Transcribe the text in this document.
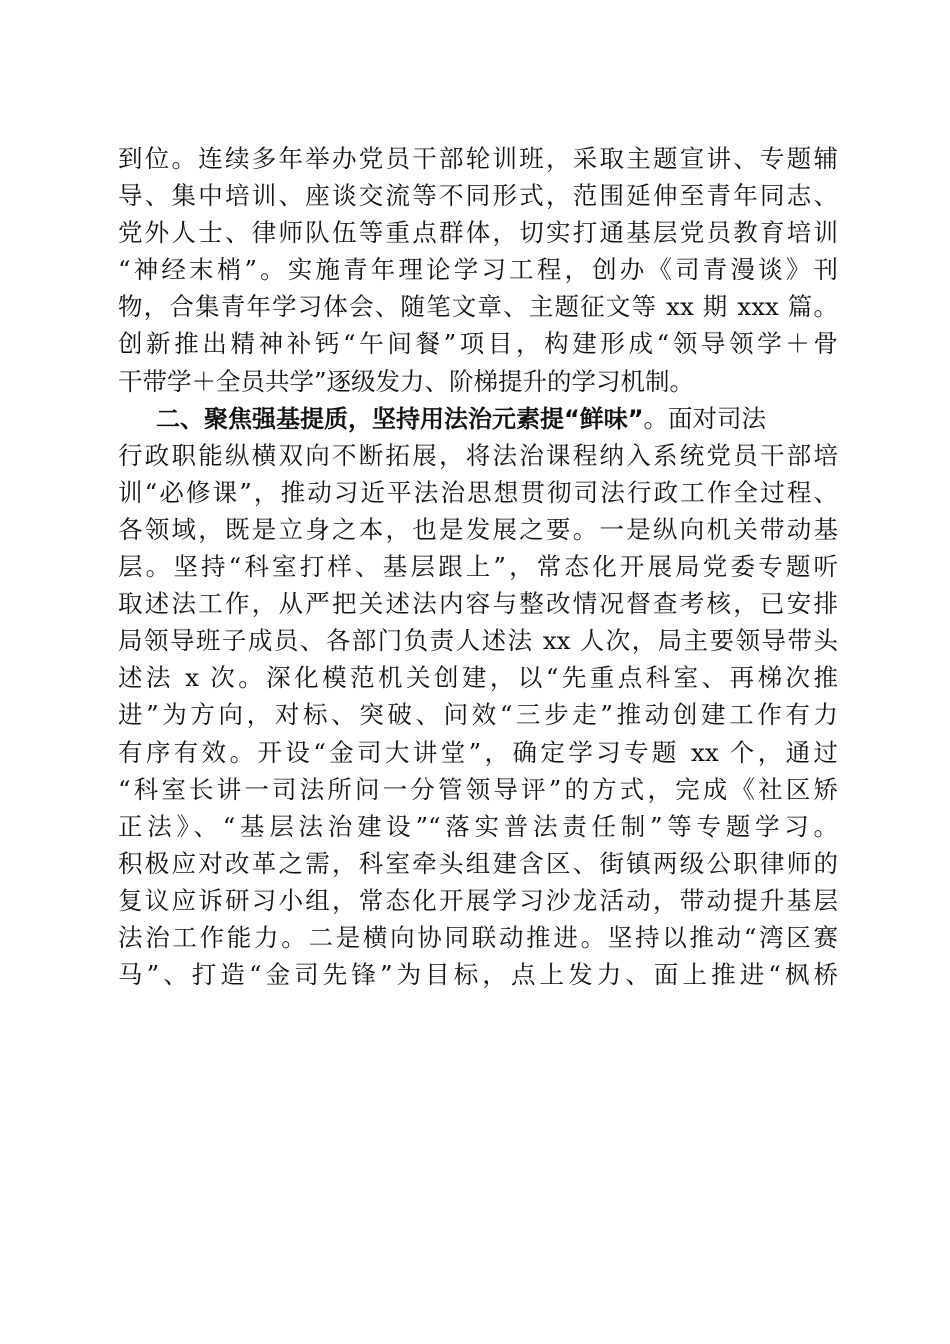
到位。连续多年举办党员干部轮训班，采取主题宣讲、专题辅
导、集中培训、座谈交流等不同形式，范围延伸至青年同志、
党外人士、律师队伍等重点群体，切实打通基层党员教育培训
“神经末梢”。实施青年理论学习工程，创办《司青漫谈》刊
物，合集青年学习体会、随笔文章、主题征文等 xx 期 xxx 篇。
创新推出精神补钙“午间餐”项目，构建形成“领导领学＋骨
干带学＋全员共学”逐级发力、阶梯提升的学习机制。
二、聚焦强基提质，坚持用法治元素提“鲜味”。面对司法
行政职能纵横双向不断拓展，将法治课程纳入系统党员干部培
训“必修课”，推动习近平法治思想贯彻司法行政工作全过程、
各领域，既是立身之本，也是发展之要。一是纵向机关带动基
层。坚持“科室打样、基层跟上”，常态化开展局党委专题听
取述法工作，从严把关述法内容与整改情况督查考核，已安排
局领导班子成员、各部门负责人述法 xx 人次，局主要领导带头
述法 x 次。深化模范机关创建，以“先重点科室、再梯次推
进”为方向，对标、突破、问效“三步走”推动创建工作有力
有序有效。开设“金司大讲堂”，确定学习专题 xx 个，通过
“科室长讲一司法所问一分管领导评”的方式，完成《社区矫
正法》、“基层法治建设”“落实普法责任制”等专题学习。
积极应对改革之需，科室牵头组建含区、街镇两级公职律师的
复议应诉研习小组，常态化开展学习沙龙活动，带动提升基层
法治工作能力。二是横向协同联动推进。坚持以推动“湾区赛
马”、打造“金司先锋”为目标，点上发力、面上推进“枫桥
